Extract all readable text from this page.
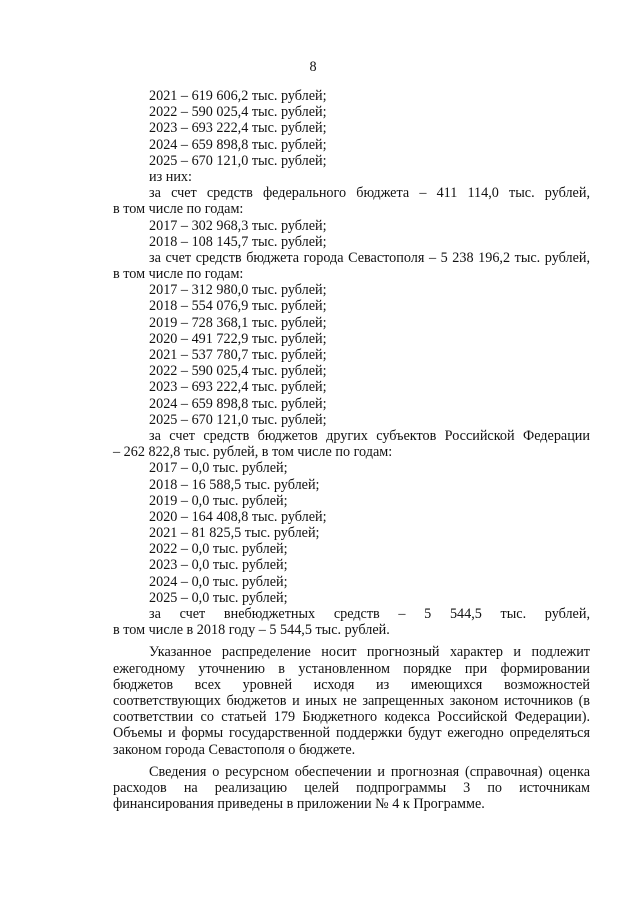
8
2021 – 619 606,2 тыс. рублей;
2022 – 590 025,4 тыс. рублей;
2023 – 693 222,4 тыс. рублей;
2024 – 659 898,8 тыс. рублей;
2025 – 670 121,0 тыс. рублей;
из них:
за счет средств федерального бюджета – 411 114,0 тыс. рублей,
в том числе по годам:
2017 – 302 968,3 тыс. рублей;
2018 – 108 145,7 тыс. рублей;
за счет средств бюджета города Севастополя – 5 238 196,2 тыс. рублей,
в том числе по годам:
2017 – 312 980,0 тыс. рублей;
2018 – 554 076,9 тыс. рублей;
2019 – 728 368,1 тыс. рублей;
2020 – 491 722,9 тыс. рублей;
2021 – 537 780,7 тыс. рублей;
2022 – 590 025,4 тыс. рублей;
2023 – 693 222,4 тыс. рублей;
2024 – 659 898,8 тыс. рублей;
2025 – 670 121,0 тыс. рублей;
за счет средств бюджетов других субъектов Российской Федерации
– 262 822,8 тыс. рублей, в том числе по годам:
2017 – 0,0 тыс. рублей;
2018 – 16 588,5 тыс. рублей;
2019 – 0,0 тыс. рублей;
2020 – 164 408,8 тыс. рублей;
2021 – 81 825,5 тыс. рублей;
2022 – 0,0 тыс. рублей;
2023 – 0,0 тыс. рублей;
2024 – 0,0 тыс. рублей;
2025 – 0,0 тыс. рублей;
за счет внебюджетных средств – 5 544,5 тыс. рублей,
в том числе в 2018 году – 5 544,5 тыс. рублей.
Указанное распределение носит прогнозный характер и подлежит ежегодному уточнению в установленном порядке при формировании бюджетов всех уровней исходя из имеющихся возможностей соответствующих бюджетов и иных не запрещенных законом источников (в соответствии со статьей 179 Бюджетного кодекса Российской Федерации). Объемы и формы государственной поддержки будут ежегодно определяться законом города Севастополя о бюджете.
Сведения о ресурсном обеспечении и прогнозная (справочная) оценка расходов на реализацию целей подпрограммы 3 по источникам финансирования приведены в приложении № 4 к Программе.
